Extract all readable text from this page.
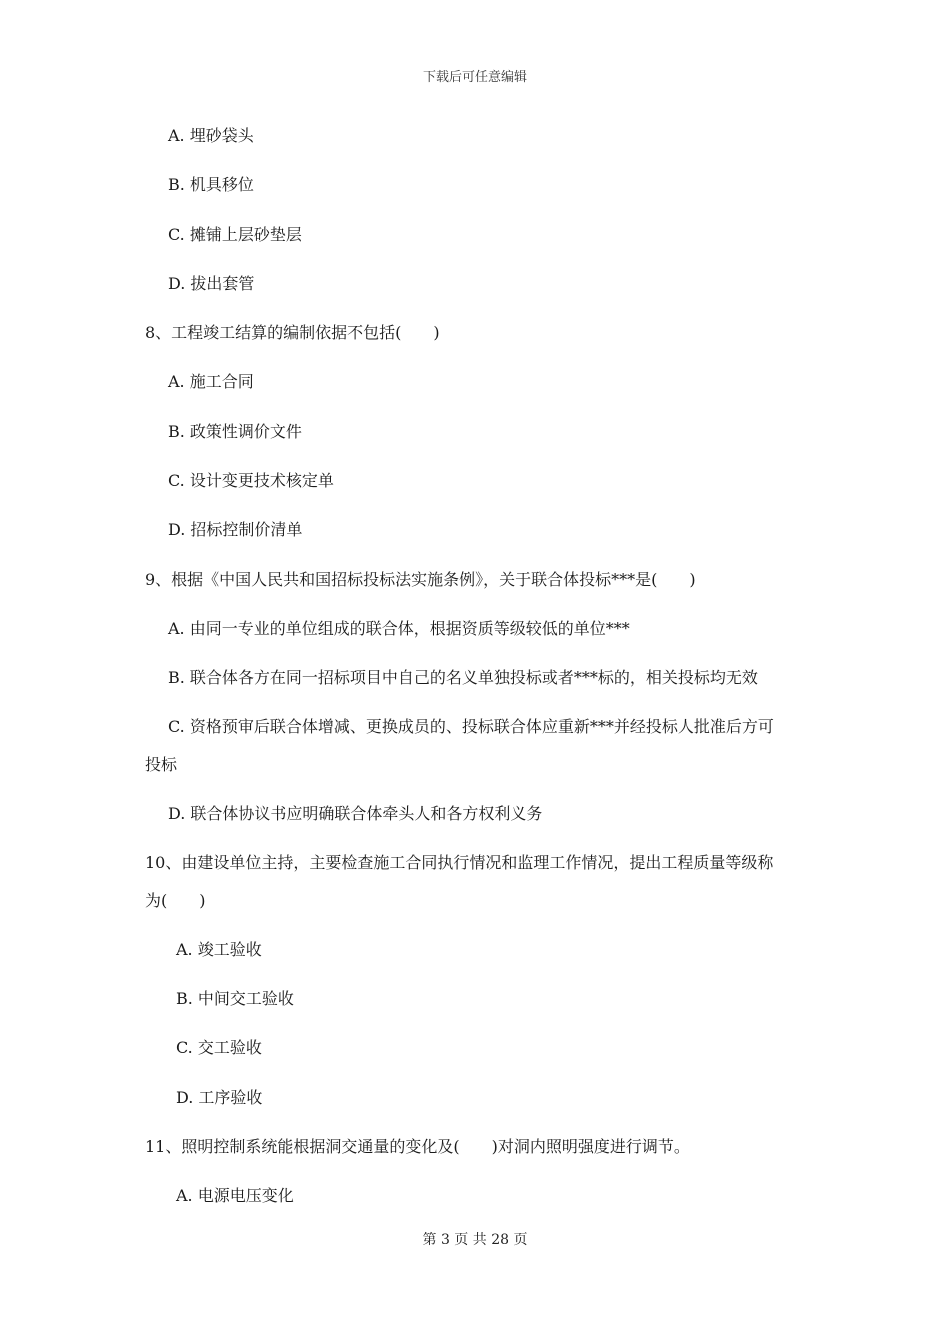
下载后可任意编辑
A. 埋砂袋头
B. 机具移位
C. 摊铺上层砂垫层
D. 拔出套管
8、工程竣工结算的编制依据不包括(　　)
A. 施工合同
B. 政策性调价文件
C. 设计变更技术核定单
D. 招标控制价清单
9、根据《中国人民共和国招标投标法实施条例》，关于联合体投标***是(　　)
A. 由同一专业的单位组成的联合体，根据资质等级较低的单位***
B. 联合体各方在同一招标项目中自己的名义单独投标或者***标的，相关投标均无效
C. 资格预审后联合体增减、更换成员的、投标联合体应重新***并经投标人批准后方可
投标
D. 联合体协议书应明确联合体牵头人和各方权利义务
10、由建设单位主持，主要检查施工合同执行情况和监理工作情况，提出工程质量等级称
为(　　)
A. 竣工验收
B. 中间交工验收
C. 交工验收
D. 工序验收
11、照明控制系统能根据洞交通量的变化及(　　)对洞内照明强度进行调节。
A. 电源电压变化
第 3 页 共 28 页
